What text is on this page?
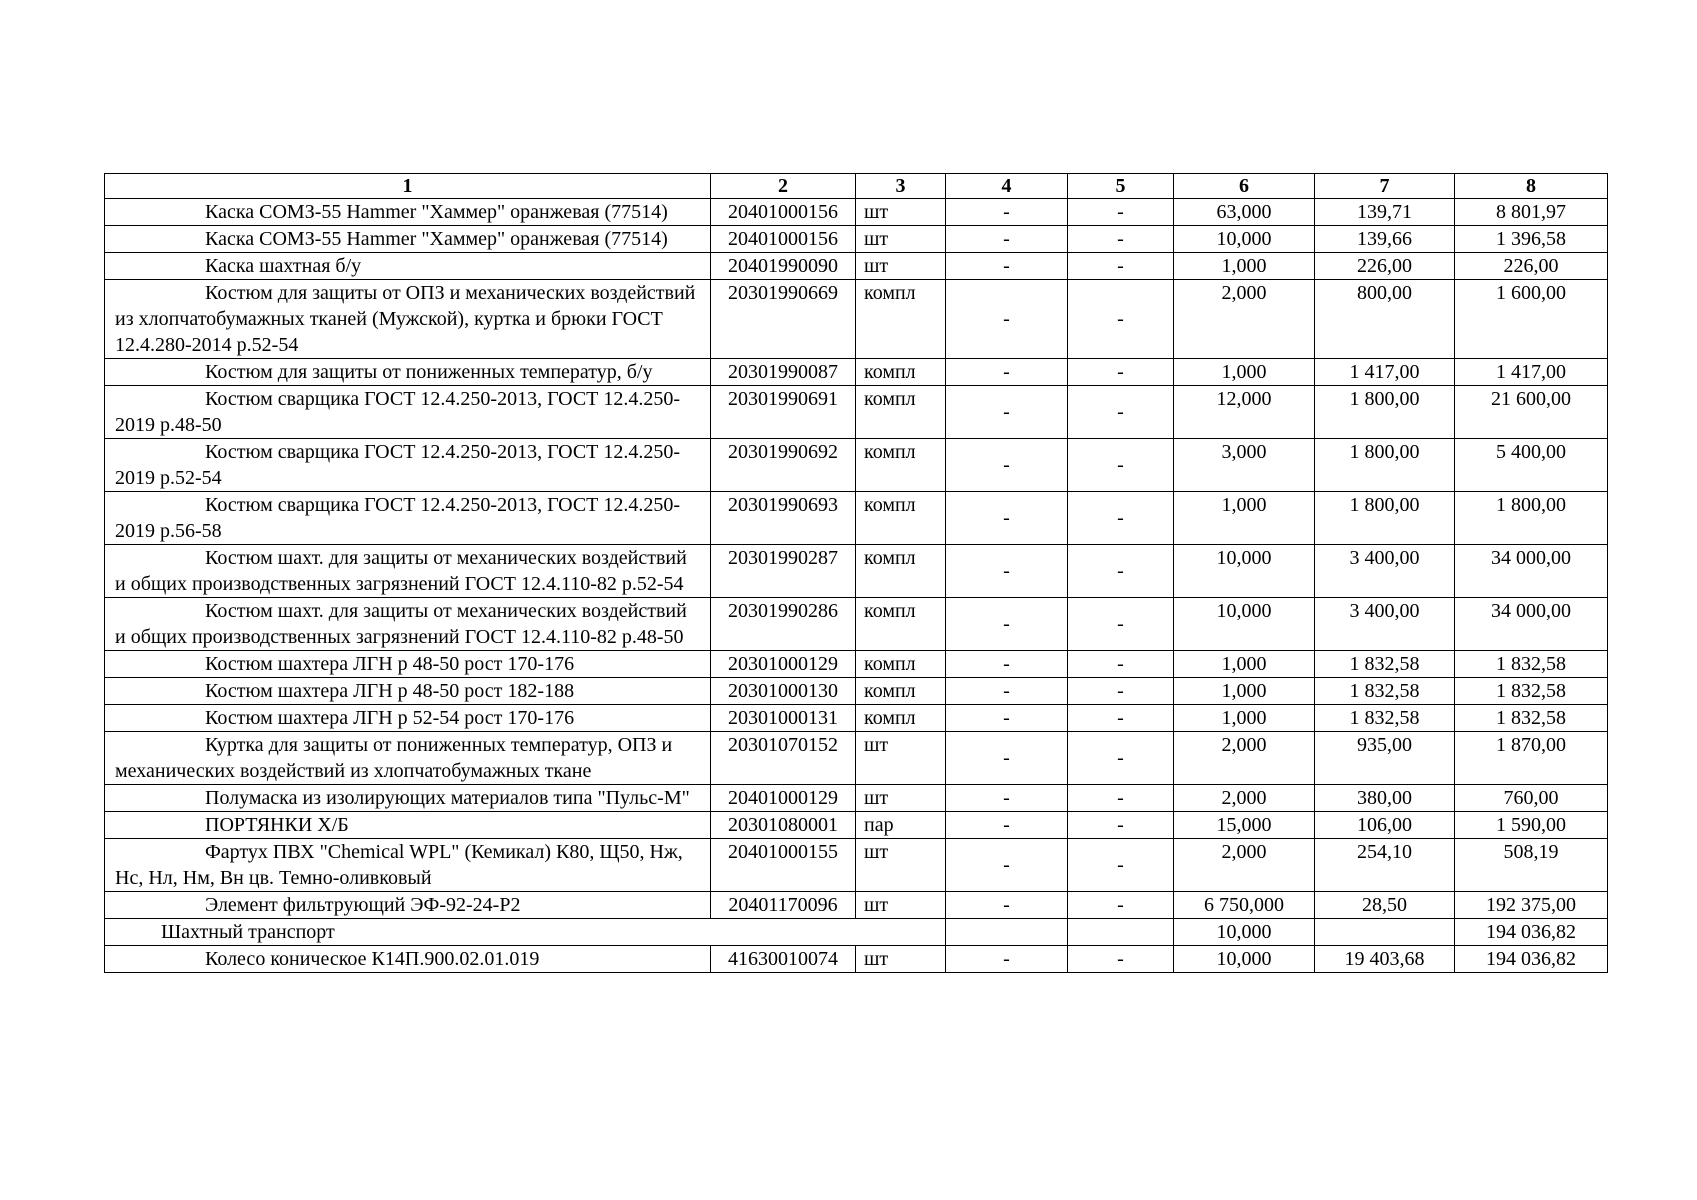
1	2	3	4	5	6	7	8
Каска СОМЗ-55 Hammer "Хаммер" оранжевая (77514)	20401000156	шт	-	-	63,000	139,71	8 801,97
Каска СОМЗ-55 Hammer "Хаммер" оранжевая (77514)	20401000156	шт	-	-	10,000	139,66	1 396,58
Каска шахтная б/у	20401990090	шт	-	-	1,000	226,00	226,00
Костюм для защиты от ОПЗ и механических воздействий из хлопчатобумажных тканей (Мужской), куртка и брюки ГОСТ 12.4.280-2014 р.52-54	20301990669	компл	-	-	2,000	800,00	1 600,00
Костюм для защиты от пониженных температур, б/у	20301990087	компл	-	-	1,000	1 417,00	1 417,00
Костюм сварщика ГОСТ 12.4.250-2013, ГОСТ 12.4.250-2019 р.48-50	20301990691	компл	-	-	12,000	1 800,00	21 600,00
Костюм сварщика ГОСТ 12.4.250-2013, ГОСТ 12.4.250-2019 р.52-54	20301990692	компл	-	-	3,000	1 800,00	5 400,00
Костюм сварщика ГОСТ 12.4.250-2013, ГОСТ 12.4.250-2019 р.56-58	20301990693	компл	-	-	1,000	1 800,00	1 800,00
Костюм шахт. для защиты от механических воздействий и общих производственных загрязнений ГОСТ 12.4.110-82 р.52-54	20301990287	компл	-	-	10,000	3 400,00	34 000,00
Костюм шахт. для защиты от механических воздействий и общих производственных загрязнений ГОСТ 12.4.110-82 р.48-50	20301990286	компл	-	-	10,000	3 400,00	34 000,00
Костюм шахтера ЛГН р 48-50 рост 170-176	20301000129	компл	-	-	1,000	1 832,58	1 832,58
Костюм шахтера ЛГН р 48-50 рост 182-188	20301000130	компл	-	-	1,000	1 832,58	1 832,58
Костюм шахтера ЛГН р 52-54 рост 170-176	20301000131	компл	-	-	1,000	1 832,58	1 832,58
Куртка для защиты от пониженных температур, ОПЗ и механических воздействий из хлопчатобумажных ткане	20301070152	шт	-	-	2,000	935,00	1 870,00
Полумаска из изолирующих материалов типа "Пульс-М"	20401000129	шт	-	-	2,000	380,00	760,00
ПОРТЯНКИ Х/Б	20301080001	пар	-	-	15,000	106,00	1 590,00
Фартух ПВХ "Chemical WPL" (Кемикал) К80, Щ50, Нж, Нс, Нл, Нм, Вн цв. Темно-оливковый	20401000155	шт	-	-	2,000	254,10	508,19
Элемент фильтрующий ЭФ-92-24-Р2	20401170096	шт	-	-	6 750,000	28,50	192 375,00
Шахтный транспорт					10,000		194 036,82
Колесо коническое К14П.900.02.01.019	41630010074	шт	-	-	10,000	19 403,68	194 036,82
